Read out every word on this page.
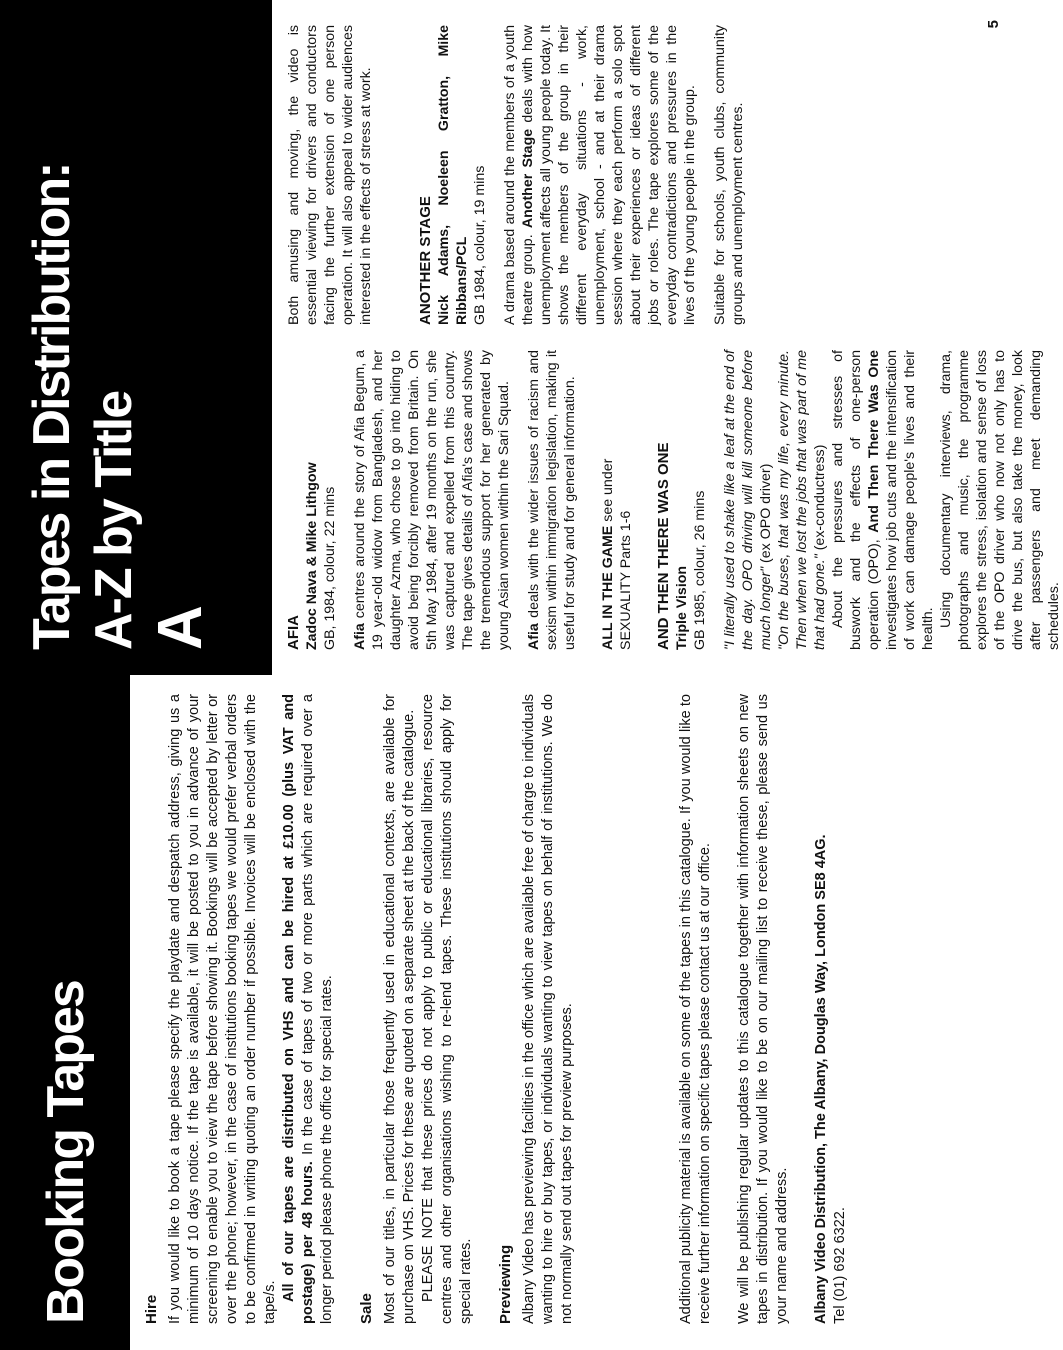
Booking Tapes	Hire If you would like to book a tape please specify the playdate and despatch address, giving us a minimum of 10 days notice. If the tape is available, it will be posted to you in advance of your screening to enable you to view the tape before showing it. Bookings will be accepted by letter or over the phone; however, in the case of institutions booking tapes we would prefer verbal orders to be confirmed in writing quoting an order number if possible. Invoices will be enclosed with the tape/s.

All of our tapes are distributed on VHS and can be hired at £10.00 (plus VAT and postage) per 48 hours. In the case of tapes of two or more parts which are required over a longer period please phone the office for special rates. Sale Most of our titles, in particular those frequently used in educational contexts, are available for purchase on VHS. Prices for these are quoted on a separate sheet at the back of the catalogue. PLEASE NOTE that these prices do not apply to public or educational libraries, resource centres and other organisations wishing to re-lend tapes. These institutions should apply for special rates. Previewing Albany Video has previewing facilities in the office which are available free of charge to individuals wanting to hire or buy tapes, or individuals wanting to view tapes on behalf of institutions. We do not normally send out tapes for preview purposes.	Additional publicity material is available on some of the tapes in this catalogue. If you would like to receive further information on specific tapes please contact us at our office. We will be publishing regular updates to this catalogue together with information sheets on new tapes in distribution. If you would like to be on our mailing list to receive these, please send us your name and address. Albany Video Distribution, The Albany, Douglas Way, London SE8 4AG. Tel (01) 692 6322.

Tapes in Distribution: A-Z by Title A	AFIA Zadoc Nava & Mike Lithgow GB, 1984, colour, 22 mins Afia centres around the story of Afia Begum, a 19 year-old widow from Bangladesh, and her daughter Azma, who chose to go into hiding to avoid being forcibly removed from Britain. On 5th May 1984, after 19 months on the run, she was captured and expelled from this country. The tape gives details of Afia's case and shows the tremendous support for her generated by young Asian women within the Sari Squad. Afia deals with the wider issues of racism and sexism within immigration legislation, making it useful for study and for general information. ALL IN THE GAME see under

SEXUALITY Parts 1-6 AND THEN THERE WAS ONE Triple Vision GB 1985, colour, 26 mins "I literally used to shake like a leaf at the end of the day. OPO driving will kill someone before much longer" (ex OPO driver) "On the buses, that was my life, every minute. Then when we lost the jobs that was part of me that had gone." (ex-conductress) About the pressures and stresses of buswork and the effects of one-person operation (OPO), And Then There Was One investigates how job cuts and the intensification of work can damage people's lives and their health.

Using documentary interviews, drama, photographs and music, the programme explores the stress, isolation and sense of loss of the OPO driver who now not only has to drive the bus, but also take the money, look after passengers and meet demanding schedules.

Both amusing and moving, the video is essential viewing for drivers and conductors facing the further extension of one person operation. It will also appeal to wider audiences interested in the effects of stress at work.	ANOTHER STAGE Nick Adams, Noeleen Gratton, Mike Ribbans/PCL GB 1984, colour, 19 mins A drama based around the members of a youth theatre group. Another Stage deals with how unemployment affects all young people today. It shows the members of the group in their different everyday situations - work, unemployment, school - and at their drama session where they each perform a solo spot about their experiences or ideas of different jobs or roles. The tape explores some of the everyday contradictions and pressures in the lives of the young people in the group. Suitable for schools, youth clubs, community groups and unemployment centres.

5
